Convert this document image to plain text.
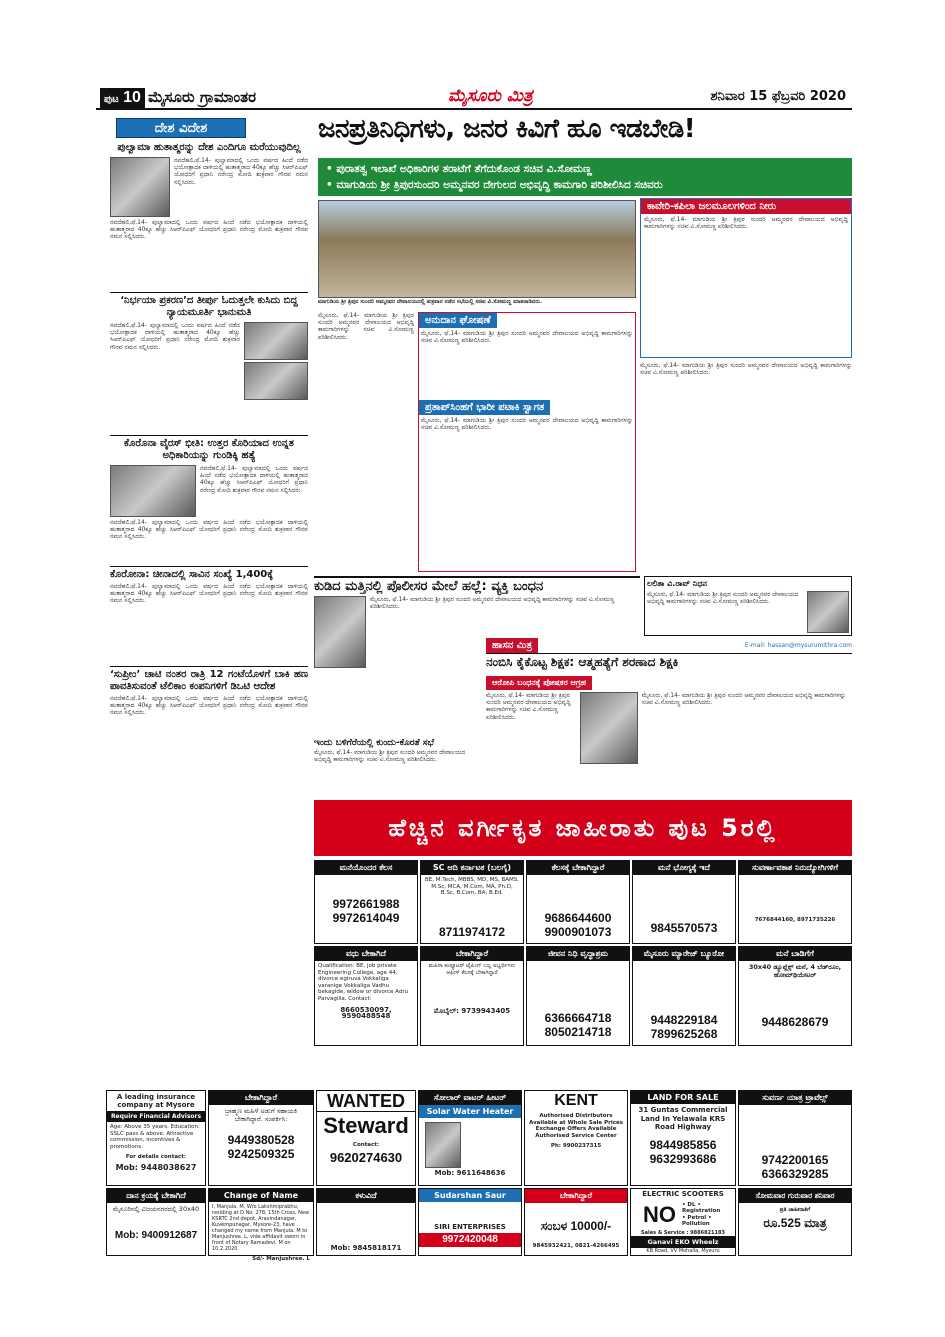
ಪುಟ 10 ಮೈಸೂರು ಗ್ರಾಮಾಂತರ	ಮೈಸೂರು ಮಿತ್ರ	ಶನಿವಾರ 15 ಫೆಬ್ರವರಿ 2020
ದೇಶ ವಿದೇಶ
ಪುಲ್ವಾಮಾ ಹುತಾತ್ಮರನ್ನು ದೇಶ ಎಂದಿಗೂ ಮರೆಯುವುದಿಲ್ಲ
ನವದೆಹಲಿ,ಫೆ.14- ಪುಲ್ವಾಮಾದಲ್ಲಿ ಒಂದು ವರ್ಷದ ಹಿಂದೆ ನಡೆದ ಭಯೋತ್ಪಾದಕ ದಾಳಿಯಲ್ಲಿ ಹುತಾತ್ಮರಾದ 40ಕ್ಕೂ ಹೆಚ್ಚು ಸಿಆರ್‌ಪಿಎಫ್ ಯೋಧರಿಗೆ ಪ್ರಧಾನಿ ನರೇಂದ್ರ ಮೋದಿ ಶುಕ್ರವಾರ ಗೌರವ ನಮನ ಸಲ್ಲಿಸಿದರು.
ನವದೆಹಲಿ,ಫೆ.14- ಪುಲ್ವಾಮಾದಲ್ಲಿ ಒಂದು ವರ್ಷದ ಹಿಂದೆ ನಡೆದ ಭಯೋತ್ಪಾದಕ ದಾಳಿಯಲ್ಲಿ ಹುತಾತ್ಮರಾದ 40ಕ್ಕೂ ಹೆಚ್ಚು ಸಿಆರ್‌ಪಿಎಫ್ ಯೋಧರಿಗೆ ಪ್ರಧಾನಿ ನರೇಂದ್ರ ಮೋದಿ ಶುಕ್ರವಾರ ಗೌರವ ನಮನ ಸಲ್ಲಿಸಿದರು.
‘ನಿರ್ಭಯಾ ಪ್ರಕರಣ’ದ ತೀರ್ಪು ಓದುತ್ತಲೇ ಕುಸಿದು ಬಿದ್ದ ನ್ಯಾಯಮೂರ್ತಿ ಭಾನುಮತಿ
ನವದೆಹಲಿ,ಫೆ.14- ಪುಲ್ವಾಮಾದಲ್ಲಿ ಒಂದು ವರ್ಷದ ಹಿಂದೆ ನಡೆದ ಭಯೋತ್ಪಾದಕ ದಾಳಿಯಲ್ಲಿ ಹುತಾತ್ಮರಾದ 40ಕ್ಕೂ ಹೆಚ್ಚು ಸಿಆರ್‌ಪಿಎಫ್ ಯೋಧರಿಗೆ ಪ್ರಧಾನಿ ನರೇಂದ್ರ ಮೋದಿ ಶುಕ್ರವಾರ ಗೌರವ ನಮನ ಸಲ್ಲಿಸಿದರು.
ಕೊರೊನಾ ವೈರಸ್ ಭೀತಿ: ಉತ್ತರ ಕೊರಿಯಾದ ಉನ್ನತ ಅಧಿಕಾರಿಯನ್ನು ಗುಂಡಿಕ್ಕಿ ಹತ್ಯೆ
ನವದೆಹಲಿ,ಫೆ.14- ಪುಲ್ವಾಮಾದಲ್ಲಿ ಒಂದು ವರ್ಷದ ಹಿಂದೆ ನಡೆದ ಭಯೋತ್ಪಾದಕ ದಾಳಿಯಲ್ಲಿ ಹುತಾತ್ಮರಾದ 40ಕ್ಕೂ ಹೆಚ್ಚು ಸಿಆರ್‌ಪಿಎಫ್ ಯೋಧರಿಗೆ ಪ್ರಧಾನಿ ನರೇಂದ್ರ ಮೋದಿ ಶುಕ್ರವಾರ ಗೌರವ ನಮನ ಸಲ್ಲಿಸಿದರು.
ನವದೆಹಲಿ,ಫೆ.14- ಪುಲ್ವಾಮಾದಲ್ಲಿ ಒಂದು ವರ್ಷದ ಹಿಂದೆ ನಡೆದ ಭಯೋತ್ಪಾದಕ ದಾಳಿಯಲ್ಲಿ ಹುತಾತ್ಮರಾದ 40ಕ್ಕೂ ಹೆಚ್ಚು ಸಿಆರ್‌ಪಿಎಫ್ ಯೋಧರಿಗೆ ಪ್ರಧಾನಿ ನರೇಂದ್ರ ಮೋದಿ ಶುಕ್ರವಾರ ಗೌರವ ನಮನ ಸಲ್ಲಿಸಿದರು.
ಕೊರೋನಾ: ಚೀನಾದಲ್ಲಿ ಸಾವಿನ ಸಂಖ್ಯೆ 1,400ಕ್ಕೆ
ನವದೆಹಲಿ,ಫೆ.14- ಪುಲ್ವಾಮಾದಲ್ಲಿ ಒಂದು ವರ್ಷದ ಹಿಂದೆ ನಡೆದ ಭಯೋತ್ಪಾದಕ ದಾಳಿಯಲ್ಲಿ ಹುತಾತ್ಮರಾದ 40ಕ್ಕೂ ಹೆಚ್ಚು ಸಿಆರ್‌ಪಿಎಫ್ ಯೋಧರಿಗೆ ಪ್ರಧಾನಿ ನರೇಂದ್ರ ಮೋದಿ ಶುಕ್ರವಾರ ಗೌರವ ನಮನ ಸಲ್ಲಿಸಿದರು.
‘ಸುಪ್ರೀಂ’ ಚಾಟಿ ನಂತರ ರಾತ್ರಿ 12 ಗಂಟೆಯೊಳಗೆ ಬಾಕಿ ಹಣ ಪಾವತಿಸುವಂತೆ ಟೆಲಿಕಾಂ ಕಂಪನಿಗಳಿಗೆ ಡಿಒಟಿ ಆದೇಶ
ನವದೆಹಲಿ,ಫೆ.14- ಪುಲ್ವಾಮಾದಲ್ಲಿ ಒಂದು ವರ್ಷದ ಹಿಂದೆ ನಡೆದ ಭಯೋತ್ಪಾದಕ ದಾಳಿಯಲ್ಲಿ ಹುತಾತ್ಮರಾದ 40ಕ್ಕೂ ಹೆಚ್ಚು ಸಿಆರ್‌ಪಿಎಫ್ ಯೋಧರಿಗೆ ಪ್ರಧಾನಿ ನರೇಂದ್ರ ಮೋದಿ ಶುಕ್ರವಾರ ಗೌರವ ನಮನ ಸಲ್ಲಿಸಿದರು.
ಜನಪ್ರತಿನಿಧಿಗಳು, ಜನರ ಕಿವಿಗೆ ಹೂ ಇಡಬೇಡಿ!
• ಪುರಾತತ್ವ ಇಲಾಖೆ ಅಧಿಕಾರಿಗಳ ತರಾಟೆಗೆ ತೆಗೆದುಕೊಂಡ ಸಚಿವ ವಿ.ಸೋಮಣ್ಣ
• ಮಾಗುಡಿಯ ಶ್ರೀ ತ್ರಿಪುರಸುಂದರಿ ಅಮ್ಮನವರ ದೇಗುಲದ ಅಭಿವೃದ್ಧಿ ಕಾಮಗಾರಿ ಪರಿಶೀಲಿಸಿದ ಸಚಿವರು
ಮಾಗುಡಿಯ ಶ್ರೀ ತ್ರಿಪುರ ಸುಂದರಿ ಅಮ್ಮನವರ ದೇವಾಲಯದಲ್ಲಿ ಶುಕ್ರವಾರ ನಡೆದ ಸಭೆಯಲ್ಲಿ ಸಚಿವ ವಿ.ಸೋಮಣ್ಣ ಮಾತನಾಡಿದರು.
ಕಾವೇರಿ-ಕಪಿಲಾ ಜಲಮೂಲಗಳಿಂದ ನೀರು
ಮೈಸೂರು, ಫೆ.14- ಮಾಗುಡಿಯ ಶ್ರೀ ತ್ರಿಪುರ ಸುಂದರಿ ಅಮ್ಮನವರ ದೇವಾಲಯದ ಅಭಿವೃದ್ಧಿ ಕಾಮಗಾರಿಗಳನ್ನು ಸಚಿವ ವಿ.ಸೋಮಣ್ಣ ಪರಿಶೀಲಿಸಿದರು.
ಮೈಸೂರು, ಫೆ.14- ಮಾಗುಡಿಯ ಶ್ರೀ ತ್ರಿಪುರ ಸುಂದರಿ ಅಮ್ಮನವರ ದೇವಾಲಯದ ಅಭಿವೃದ್ಧಿ ಕಾಮಗಾರಿಗಳನ್ನು ಸಚಿವ ವಿ.ಸೋಮಣ್ಣ ಪರಿಶೀಲಿಸಿದರು.
ಅನುದಾನ ಘೋಷಣೆ
ಮೈಸೂರು, ಫೆ.14- ಮಾಗುಡಿಯ ಶ್ರೀ ತ್ರಿಪುರ ಸುಂದರಿ ಅಮ್ಮನವರ ದೇವಾಲಯದ ಅಭಿವೃದ್ಧಿ ಕಾಮಗಾರಿಗಳನ್ನು ಸಚಿವ ವಿ.ಸೋಮಣ್ಣ ಪರಿಶೀಲಿಸಿದರು.
ಪ್ರತಾಪ್‌ಸಿಂಹಗೆ ಭಾರೀ ಪಟಾಕಿ ಸ್ವಾಗತ
ಮೈಸೂರು, ಫೆ.14- ಮಾಗುಡಿಯ ಶ್ರೀ ತ್ರಿಪುರ ಸುಂದರಿ ಅಮ್ಮನವರ ದೇವಾಲಯದ ಅಭಿವೃದ್ಧಿ ಕಾಮಗಾರಿಗಳನ್ನು ಸಚಿವ ವಿ.ಸೋಮಣ್ಣ ಪರಿಶೀಲಿಸಿದರು.
ಮೈಸೂರು, ಫೆ.14- ಮಾಗುಡಿಯ ಶ್ರೀ ತ್ರಿಪುರ ಸುಂದರಿ ಅಮ್ಮನವರ ದೇವಾಲಯದ ಅಭಿವೃದ್ಧಿ ಕಾಮಗಾರಿಗಳನ್ನು ಸಚಿವ ವಿ.ಸೋಮಣ್ಣ ಪರಿಶೀಲಿಸಿದರು.
ಕುಡಿದ ಮತ್ತಿನಲ್ಲಿ ಪೊಲೀಸರ ಮೇಲೆ ಹಲ್ಲೆ: ವ್ಯಕ್ತಿ ಬಂಧನ
ಮೈಸೂರು, ಫೆ.14- ಮಾಗುಡಿಯ ಶ್ರೀ ತ್ರಿಪುರ ಸುಂದರಿ ಅಮ್ಮನವರ ದೇವಾಲಯದ ಅಭಿವೃದ್ಧಿ ಕಾಮಗಾರಿಗಳನ್ನು ಸಚಿವ ವಿ.ಸೋಮಣ್ಣ ಪರಿಶೀಲಿಸಿದರು.
ಇಂದು ಬಳಿಗೆರೆಯಲ್ಲಿ ಕುಂದು-ಕೊರತೆ ಸಭೆ
ಮೈಸೂರು, ಫೆ.14- ಮಾಗುಡಿಯ ಶ್ರೀ ತ್ರಿಪುರ ಸುಂದರಿ ಅಮ್ಮನವರ ದೇವಾಲಯದ ಅಭಿವೃದ್ಧಿ ಕಾಮಗಾರಿಗಳನ್ನು ಸಚಿವ ವಿ.ಸೋಮಣ್ಣ ಪರಿಶೀಲಿಸಿದರು.
ಲಲಿತಾ ವಿ.ರಾವ್ ನಿಧನ
ಮೈಸೂರು, ಫೆ.14- ಮಾಗುಡಿಯ ಶ್ರೀ ತ್ರಿಪುರ ಸುಂದರಿ ಅಮ್ಮನವರ ದೇವಾಲಯದ ಅಭಿವೃದ್ಧಿ ಕಾಮಗಾರಿಗಳನ್ನು ಸಚಿವ ವಿ.ಸೋಮಣ್ಣ ಪರಿಶೀಲಿಸಿದರು.
ಹಾಸನ ಮಿತ್ರ	E-mail: hassan@mysurumithra.com
ನಂಬಿಸಿ ಕೈಕೊಟ್ಟ ಶಿಕ್ಷಕ: ಆತ್ಮಹತ್ಯೆಗೆ ಶರಣಾದ ಶಿಕ್ಷಕಿ
ಆರೋಪಿ ಬಂಧನಕ್ಕೆ ಪೋಷಕರ ಆಗ್ರಹ
ಮೈಸೂರು, ಫೆ.14- ಮಾಗುಡಿಯ ಶ್ರೀ ತ್ರಿಪುರ ಸುಂದರಿ ಅಮ್ಮನವರ ದೇವಾಲಯದ ಅಭಿವೃದ್ಧಿ ಕಾಮಗಾರಿಗಳನ್ನು ಸಚಿವ ವಿ.ಸೋಮಣ್ಣ ಪರಿಶೀಲಿಸಿದರು.
ಮೈಸೂರು, ಫೆ.14- ಮಾಗುಡಿಯ ಶ್ರೀ ತ್ರಿಪುರ ಸುಂದರಿ ಅಮ್ಮನವರ ದೇವಾಲಯದ ಅಭಿವೃದ್ಧಿ ಕಾಮಗಾರಿಗಳನ್ನು ಸಚಿವ ವಿ.ಸೋಮಣ್ಣ ಪರಿಶೀಲಿಸಿದರು.
ಹೆಚ್ಚಿನ ವರ್ಗೀಕೃತ ಜಾಹೀರಾತು ಪುಟ 5ರಲ್ಲಿ
ಮನೆಯೊಂದರ ಕೆಲಸ
9972661988
9972614049
SC ಆದಿ ಕರ್ನಾಟಕ (ಬಲಗೈ)
BE, M.Tech, MBBS, MD, MS, BAMS, M.Sc, MCA, M.Com, MA, Ph.D, B.Sc, B.Com, BA, B.Ed.
8711974172
ಕೆಲಸಕ್ಕೆ ಬೇಕಾಗಿದ್ದಾರೆ
9686644600
9900901073
ಮನೆ ಭೋಗ್ಯಕ್ಕೆ ಇದೆ
9845570573
ಸುವರ್ಣಾವಕಾಶ ನಿರುದ್ಯೋಗಿಗಳಿಗೆ
7676844160, 8971735226
ವಧು ಬೇಕಾಗಿದೆ
Qualification: BE, job private Engineering College, age 44, divorce egiruva Vokkaliga varanige Vokkaliga Vadhu bekagide, widow or divorce Adru Parvagilla. Contact:
8660530097, 9590488548
ಬೇಕಾಗಿದ್ದಾರೆ
ಮಹಿಳಾ ಕಂಪ್ಯೂಟರ್ ಟೈಪಿಂಗ್ ಬಲ್ಲ ಅಭ್ಯರ್ಥಿಗಳು ಆಫೀಸ್ ಕೆಲಸಕ್ಕೆ ಬೇಕಾಗಿದ್ದಾರೆ
ಮೊಬೈಲ್: 9739943405
ಜೀವನ ನಿಧಿ ವೃದ್ಧಾಶ್ರಮ
6366664718
8050214718
ಮೈಸೂರು ಮ್ಯಾರೇಜ್ ಬ್ಯೂರೋ
9448229184
7899625268
ಮನೆ ಬಾಡಿಗೆಗೆ
30x40 ಡ್ಯೂಪ್ಲೆಕ್ಸ್ ಮನೆ, 4 ಬೆಡ್‌ರೂಂ, ಹೋಮ್‌ಥಿಯೇಟರ್
9448628679
A leading insurance company at Mysore
Require Financial Advisors
Age: Above 35 years. Education: SSLC pass & above. Attractive commission, incentives & promotions.
For details contact:
Mob: 9448038627
ಬೇಕಾಗಿದ್ದಾರೆ
ಬ್ರಾಹ್ಮಣ ಮಹಿಳೆ ಅಡುಗೆ ಸಹಾಯಕಿ ಬೇಕಾಗಿದ್ದಾರೆ. ಸಂಪರ್ಕಿಸಿ:
9449380528
9242509325
WANTED
Steward
Contact:
9620274630
ಸೋಲಾರ್ ವಾಟರ್ ಹೀಟರ್
Solar Water Heater
Mob: 9611648636
KENT
Authorised Distributors Available at Whole Sale Prices Exchange Offers Available Authorised Service Center
Ph: 9900237315
LAND FOR SALE
31 Guntas Commercial Land In Yelawala KRS Road Highway
9844985856
9632993686
ಸುವರ್ಣ ಯಾತ್ರ ಟ್ರಾವೆಲ್ಸ್
9742200165
6366329285
ದಾನ ಕ್ರಯಕ್ಕೆ ಬೇಕಾಗಿದೆ
ಮೈಸೂರಿನಲ್ಲಿ ವಿಜಯನಗರದಲ್ಲಿ 30x40
Mob: 9400912687
Change of Name
I, Manjula. M, W/o Lakshmiprabhu, residing at D.No. 278, 15th Cross, New KSRTC 2nd depot, Aravindanagar, Kuvempunagar, Mysore-23, have changed my name from Manjula. M to Manjushree. L, vide affidavit sworn in front of Notary Ramadevi. M on 10.2.2020.
Sd/- Manjushree. L
ಕಳುವಿದೆ
Mob: 9845818171
Sudarshan Saur
SIRI ENTERPRISES
9972420048
ಬೇಕಾಗಿದ್ದಾರೆ
ಸಂಬಳ 10000/-
9845932421, 0821-4266495
ELECTRIC SCOOTERS
NO	• DL • Registration • Petrol • Pollution
Sales & Service : 9886821183
Ganavi EKO Wheelz
KB Road, VV Mohalla, Mysuru
ಸೋಮವಾರ ಗುರುವಾರ ಶನಿವಾರ
ಪ್ರತಿ ಜಾಹೀರಾತಿಗೆ
ರೂ.525 ಮಾತ್ರ
